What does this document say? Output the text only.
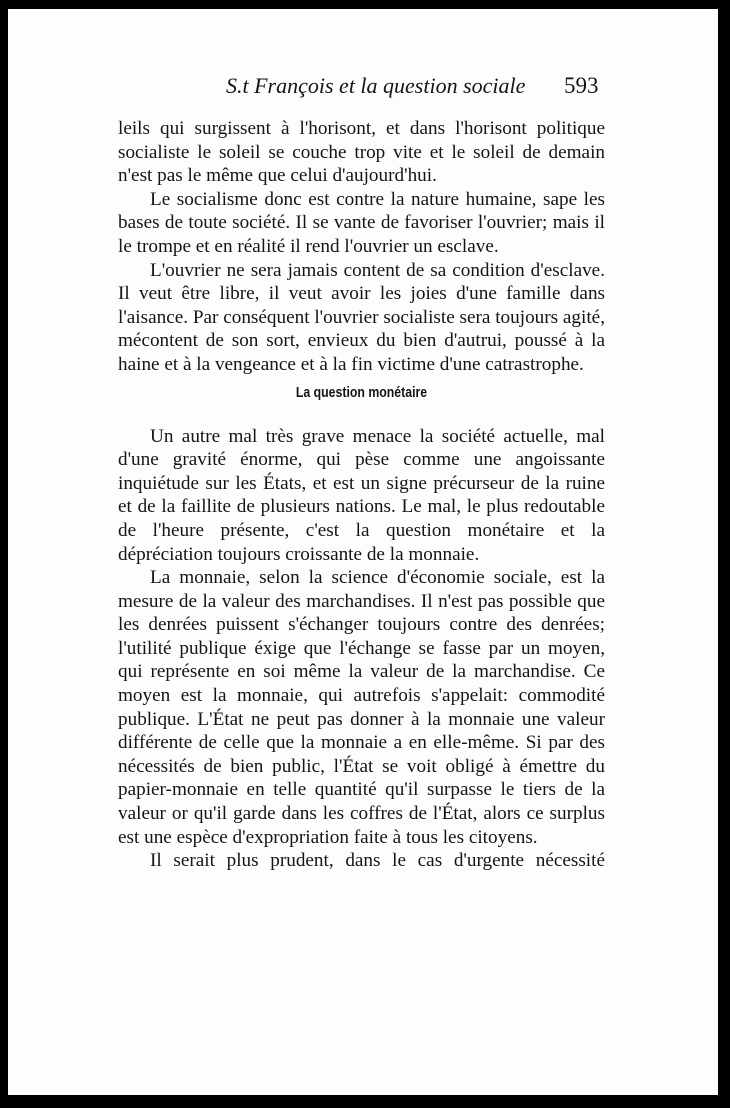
S.t François et la question sociale 593

leils qui surgissent à l'horisont, et dans l'horisont politique socialiste le soleil se couche trop vite et le soleil de demain n'est pas le même que celui d'aujourd'hui.

Le socialisme donc est contre la nature humaine, sape les bases de toute société. Il se vante de favoriser l'ouvrier; mais il le trompe et en réalité il rend l'ouvrier un esclave.

L'ouvrier ne sera jamais content de sa condition d'esclave. Il veut être libre, il veut avoir les joies d'une famille dans l'aisance. Par conséquent l'ouvrier socialiste sera toujours agité, mécontent de son sort, envieux du bien d'autrui, poussé à la haine et à la vengeance et à la fin victime d'une catrastrophe.

La question monétaire

Un autre mal très grave menace la société actuelle, mal d'une gravité énorme, qui pèse comme une angoissante inquiétude sur les États, et est un signe précurseur de la ruine et de la faillite de plusieurs nations. Le mal, le plus redoutable de l'heure présente, c'est la question monétaire et la dépréciation toujours croissante de la monnaie.

La monnaie, selon la science d'économie sociale, est la mesure de la valeur des marchandises. Il n'est pas possible que les denrées puissent s'échanger toujours contre des denrées; l'utilité publique éxige que l'échange se fasse par un moyen, qui représente en soi même la valeur de la marchandise. Ce moyen est la monnaie, qui autrefois s'appelait: commodité publique. L'État ne peut pas donner à la monnaie une valeur différente de celle que la monnaie a en elle-même. Si par des nécessités de bien public, l'État se voit obligé à émettre du papier-monnaie en telle quantité qu'il surpasse le tiers de la valeur or qu'il garde dans les coffres de l'État, alors ce surplus est une espèce d'expropriation faite à tous les citoyens.

Il serait plus prudent, dans le cas d'urgente nécessité
